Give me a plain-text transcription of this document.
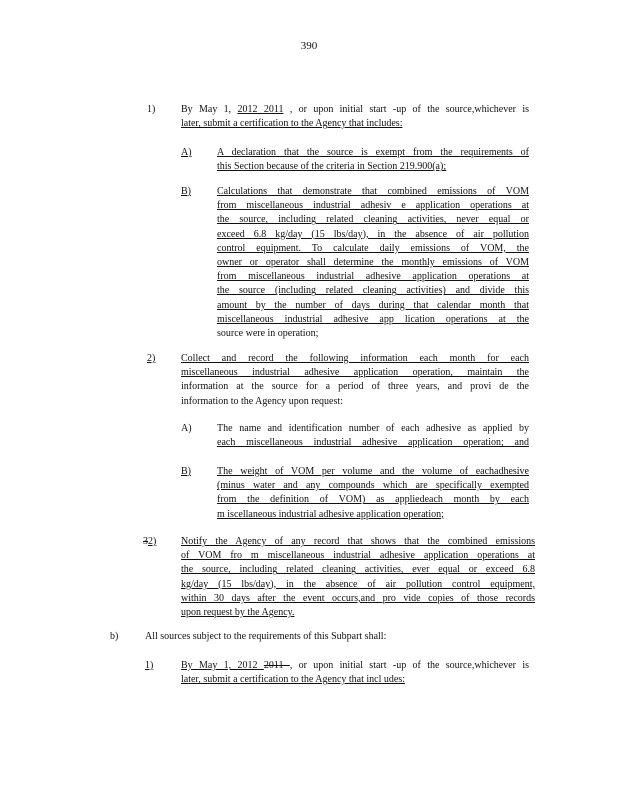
390
1)	By May 1, 2012 2011 , or upon initial start -up of the source,whichever is
later, submit a certification to the Agency that includes:
A)	A declaration that the source is exempt from the requirements of
this Section because of the criteria in Section 219.900(a);
B)	Calculations that demonstrate that combined emissions of VOM
from miscellaneous industrial adhesiv e application operations at
the source, including related cleaning activities, never equal or
exceed 6.8 kg/day (15 lbs/day), in the absence of air pollution
control equipment. To calculate daily emissions of VOM, the
owner or operator shall determine the monthly emissions of VOM
from miscellaneous industrial adhesive application operations at
the source (including related cleaning activities) and divide this
amount by the number of days during that calendar month that
miscellaneous industrial adhesive app lication operations at the
source were in operation;
2)	Collect and record the following information each month for each
miscellaneous industrial adhesive application operation, maintain the
information at the source for a period of three years, and provi de the
information to the Agency upon request:
A)	The name and identification number of each adhesive as applied by
each miscellaneous industrial adhesive application operation; and
B)	The weight of VOM per volume and the volume of eachadhesive
(minus water and any compounds which are specifically exempted
from the definition of VOM) as appliedeach month by each
m iscellaneous industrial adhesive application operation;
32) Notify the Agency of any record that shows that the combined emissions
of VOM fro m miscellaneous industrial adhesive application operations at
the source, including related cleaning activities, ever equal or exceed 6.8
kg/day (15 lbs/day), in the absence of air pollution control equipment,
within 30 days after the event occurs,and pro vide copies of those records
upon request by the Agency.
b)	All sources subject to the requirements of this Subpart shall:
1)	By May 1, 2012 2011 , or upon initial start -up of the source,whichever is
later, submit a certification to the Agency that incl udes:
